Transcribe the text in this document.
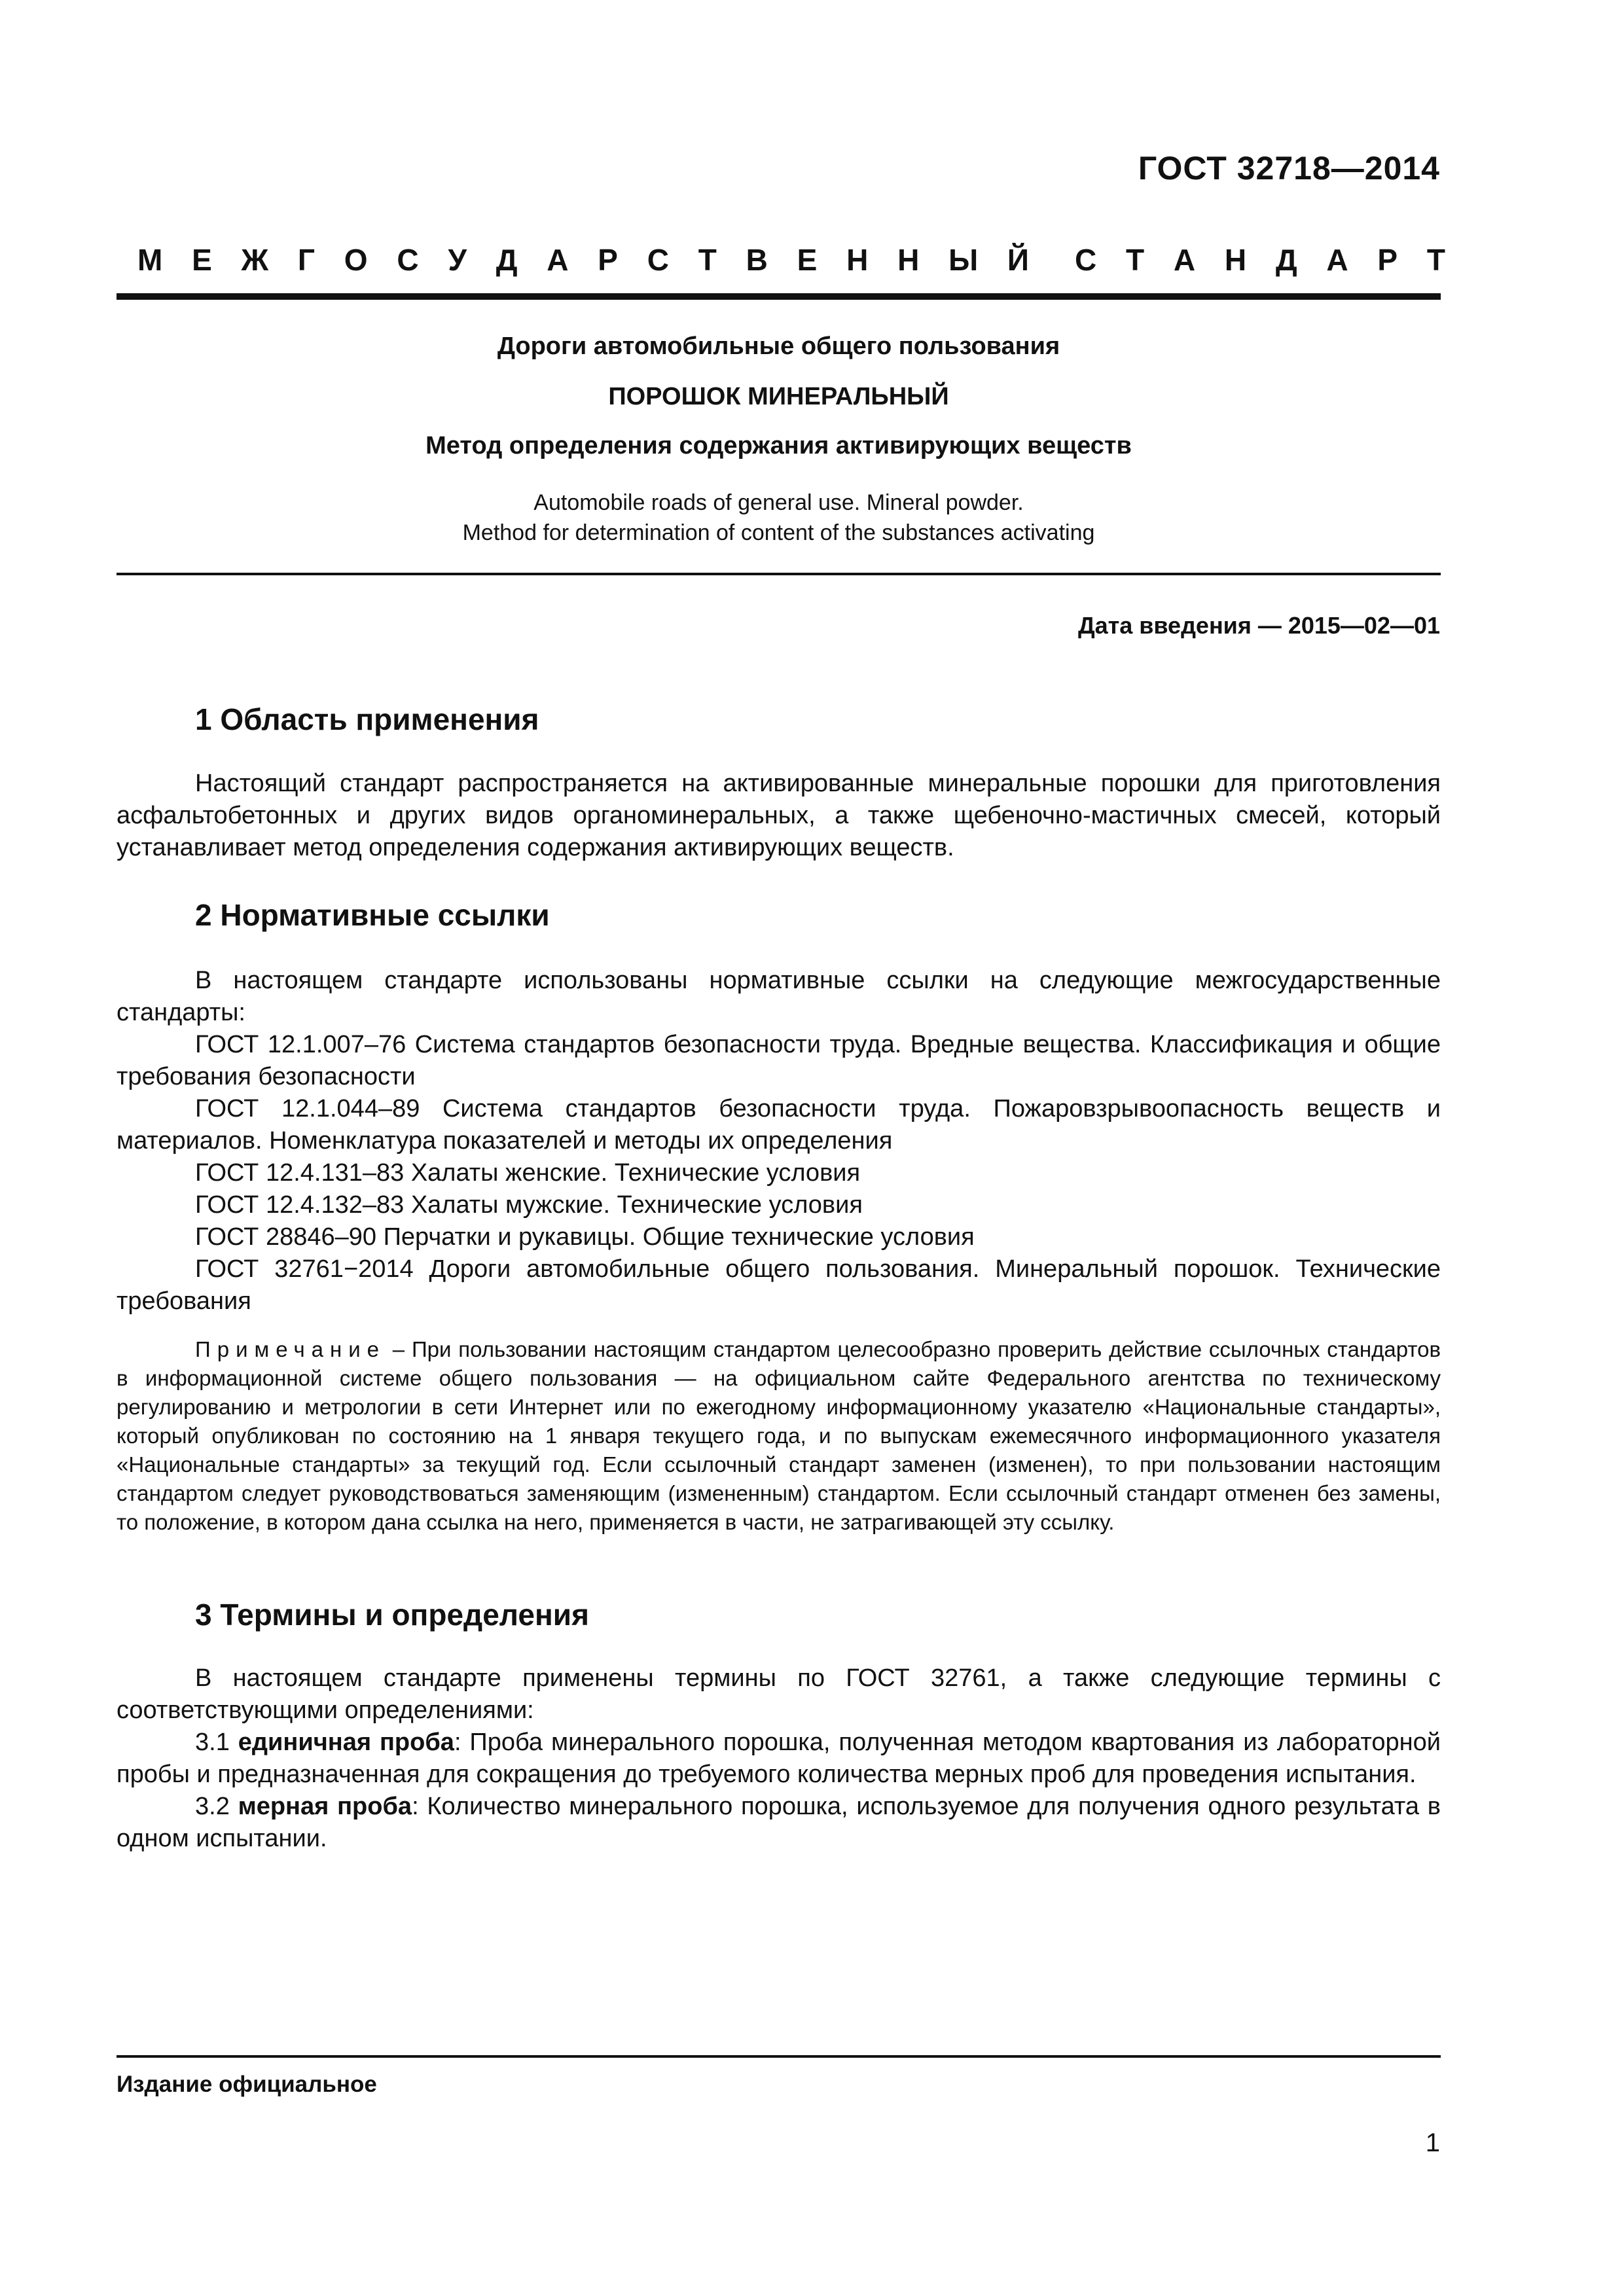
ГОСТ 32718—2014
М Е Ж Г О С У Д А Р С Т В Е Н Н Ы Й С Т А Н Д А Р Т
Дороги автомобильные общего пользования
ПОРОШОК МИНЕРАЛЬНЫЙ
Метод определения содержания активирующих веществ
Automobile roads of general use. Mineral powder.
Method for determination of content of the substances activating
Дата введения — 2015—02—01
1 Область применения

Настоящий стандарт распространяется на активированные минеральные порошки для приготовления асфальтобетонных и других видов органоминеральных, а также щебеночно-мастичных смесей, который устанавливает метод определения содержания активирующих веществ.

2 Нормативные ссылки

В настоящем стандарте использованы нормативные ссылки на следующие межгосударственные стандарты:

ГОСТ 12.1.007–76 Система стандартов безопасности труда. Вредные вещества. Классификация и общие требования безопасности

ГОСТ 12.1.044–89 Система стандартов безопасности труда. Пожаровзрывоопасность веществ и материалов. Номенклатура показателей и методы их определения

ГОСТ 12.4.131–83 Халаты женские. Технические условия

ГОСТ 12.4.132–83 Халаты мужские. Технические условия

ГОСТ 28846–90 Перчатки и рукавицы. Общие технические условия

ГОСТ 32761−2014 Дороги автомобильные общего пользования. Минеральный порошок. Технические требования

Примечание – При пользовании настоящим стандартом целесообразно проверить действие ссылочных стандартов в информационной системе общего пользования — на официальном сайте Федерального агентства по техническому регулированию и метрологии в сети Интернет или по ежегодному информационному указателю «Национальные стандарты», который опубликован по состоянию на 1 января текущего года, и по выпускам ежемесячного информационного указателя «Национальные стандарты» за текущий год. Если ссылочный стандарт заменен (изменен), то при пользовании настоящим стандартом следует руководствоваться заменяющим (измененным) стандартом. Если ссылочный стандарт отменен без замены, то положение, в котором дана ссылка на него, применяется в части, не затрагивающей эту ссылку.

3 Термины и определения

В настоящем стандарте применены термины по ГОСТ 32761, а также следующие термины с соответствующими определениями:

3.1 единичная проба: Проба минерального порошка, полученная методом квартования из лабораторной пробы и предназначенная для сокращения до требуемого количества мерных проб для проведения испытания.

3.2 мерная проба: Количество минерального порошка, используемое для получения одного результата в одном испытании.

Издание официальное
1
